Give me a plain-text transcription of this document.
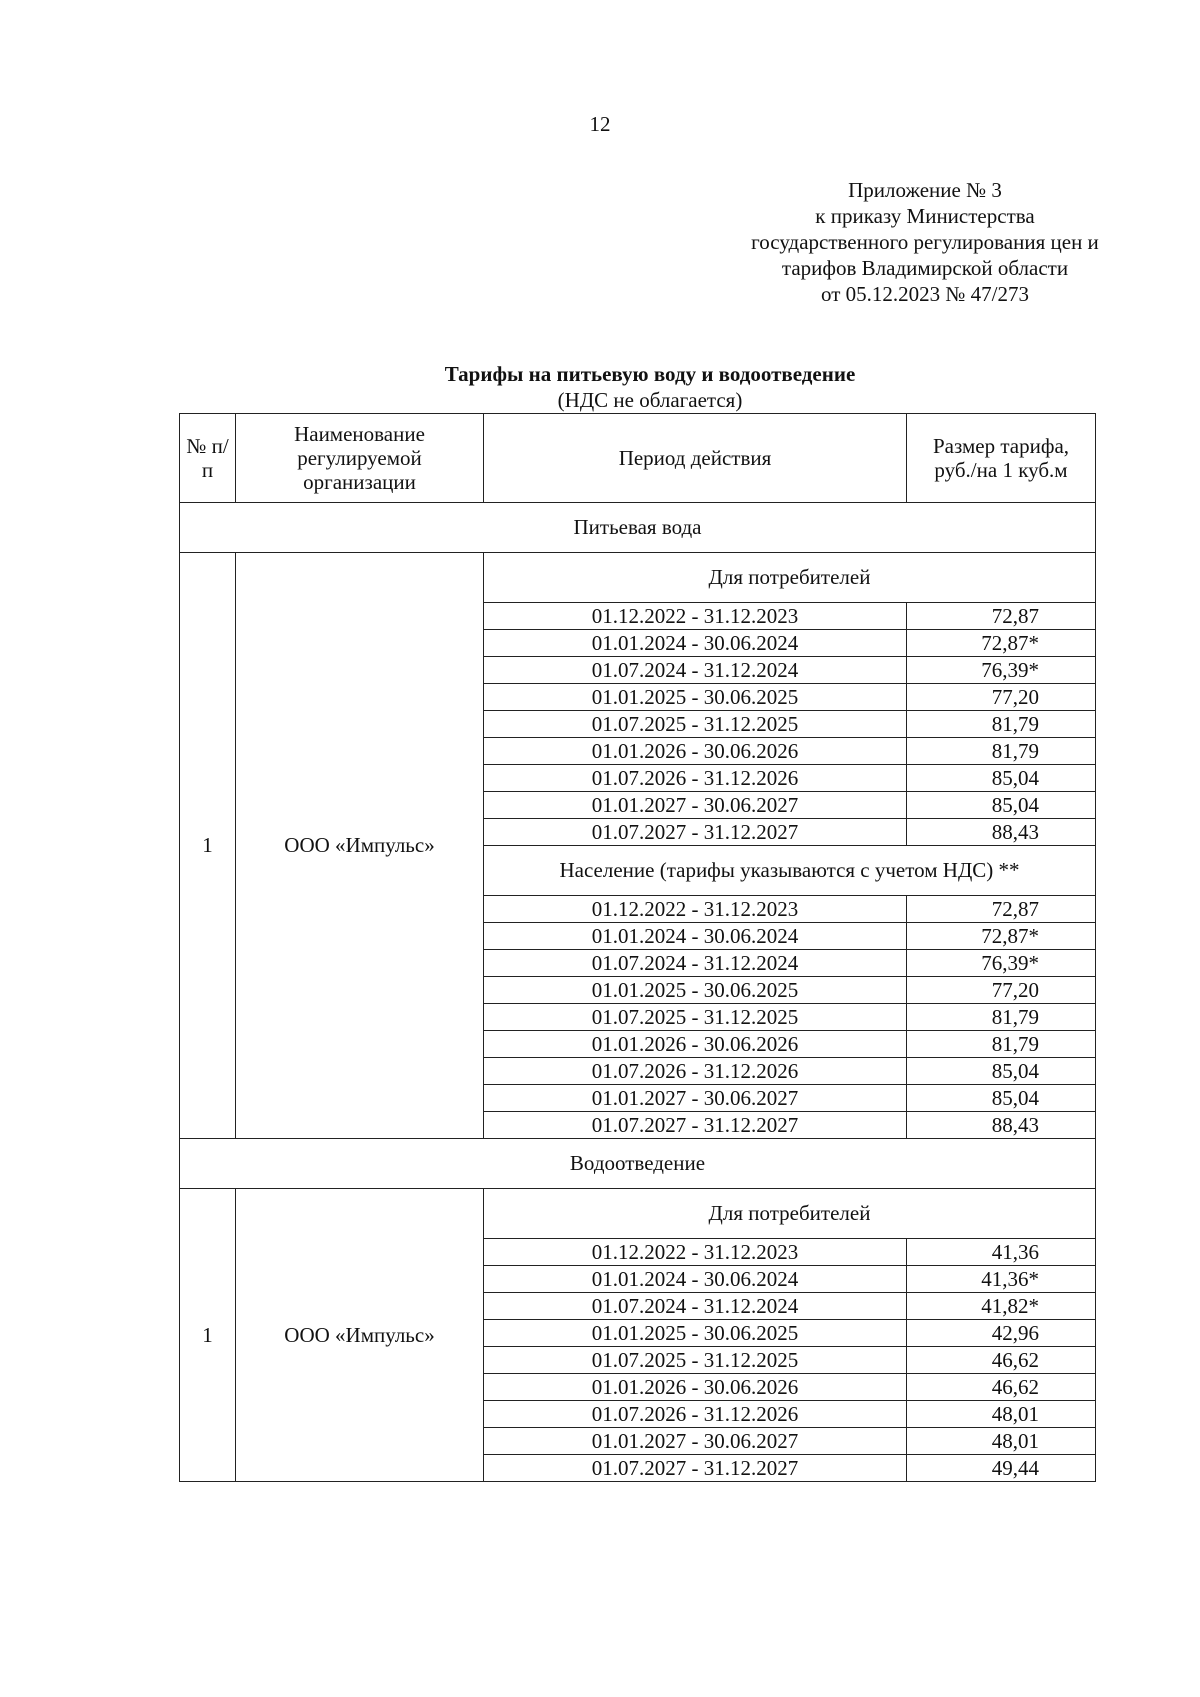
12
Приложение № 3
к приказу Министерства
государственного регулирования цен и
тарифов Владимирской области
от 05.12.2023 № 47/273
Тарифы на питьевую воду и водоотведение
(НДС не облагается)
№ п/п	Наименование регулируемой организации	Период действия	Размер тарифа, руб./на 1 куб.м
Питьевая вода			
1	ООО «Импульс»	Для потребителей	
		01.12.2022 - 31.12.2023	72,87
		01.01.2024 - 30.06.2024	72,87*
		01.07.2024 - 31.12.2024	76,39*
		01.01.2025 - 30.06.2025	77,20
		01.07.2025 - 31.12.2025	81,79
		01.01.2026 - 30.06.2026	81,79
		01.07.2026 - 31.12.2026	85,04
		01.01.2027 - 30.06.2027	85,04
		01.07.2027 - 31.12.2027	88,43
		Население (тарифы указываются с учетом НДС) **	
		01.12.2022 - 31.12.2023	72,87
		01.01.2024 - 30.06.2024	72,87*
		01.07.2024 - 31.12.2024	76,39*
		01.01.2025 - 30.06.2025	77,20
		01.07.2025 - 31.12.2025	81,79
		01.01.2026 - 30.06.2026	81,79
		01.07.2026 - 31.12.2026	85,04
		01.01.2027 - 30.06.2027	85,04
		01.07.2027 - 31.12.2027	88,43
Водоотведение			
1	ООО «Импульс»	Для потребителей	
		01.12.2022 - 31.12.2023	41,36
		01.01.2024 - 30.06.2024	41,36*
		01.07.2024 - 31.12.2024	41,82*
		01.01.2025 - 30.06.2025	42,96
		01.07.2025 - 31.12.2025	46,62
		01.01.2026 - 30.06.2026	46,62
		01.07.2026 - 31.12.2026	48,01
		01.01.2027 - 30.06.2027	48,01
		01.07.2027 - 31.12.2027	49,44
